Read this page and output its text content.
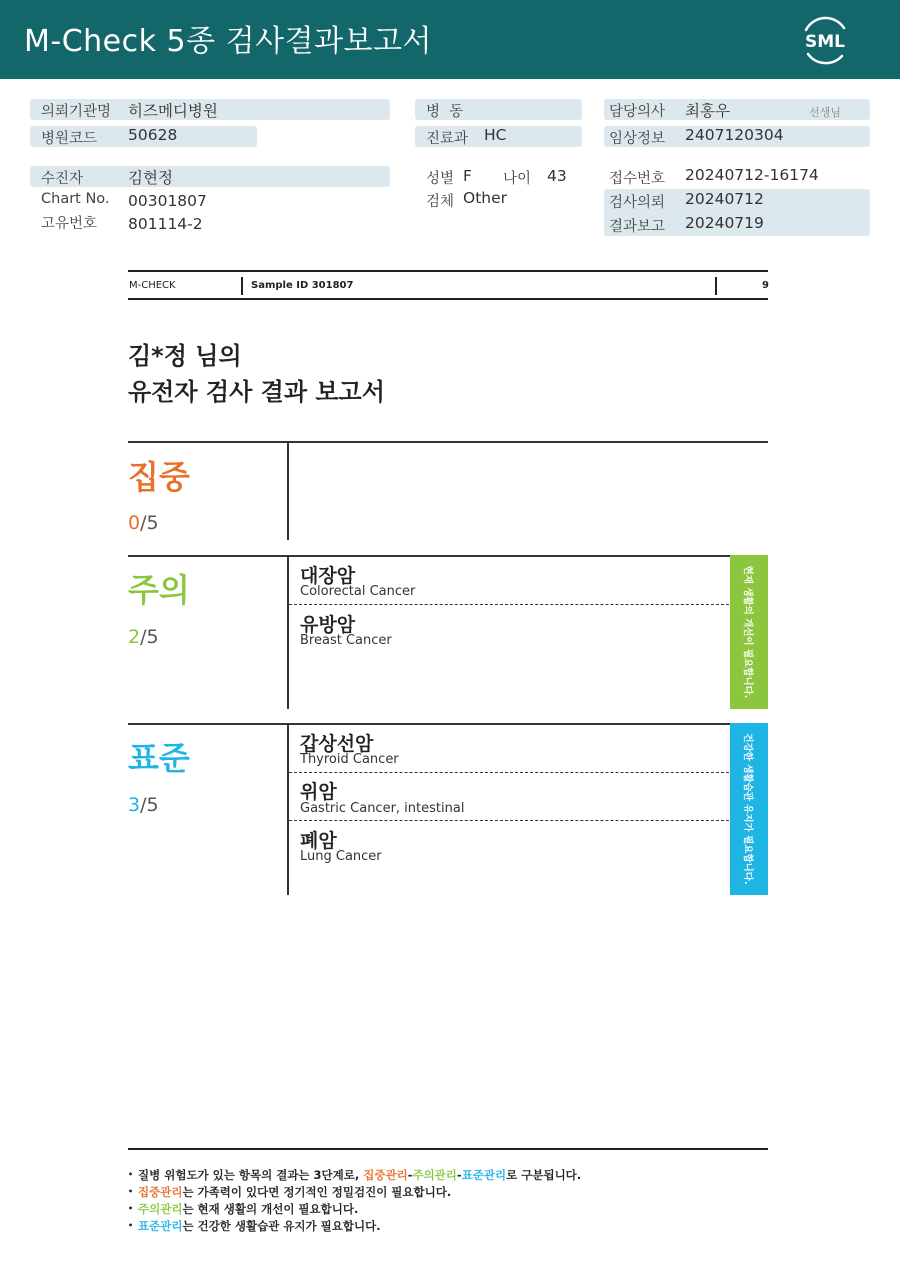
M-Check 5종 검사결과보고서	SML
의뢰기관명 히즈메디병원
병원코드 50628
수진자	김현정
Chart No. 00301807
고유번호 801114-2
병  동
진료과 HC
성별 F 나이 43
검체 Other
담당의사 최홍우	선생님
임상정보 2407120304
접수번호 20240712-16174
검사의뢰 20240712
결과보고 20240719
M-CHECK	Sample ID 301807	9
김*정 님의
유전자 검사 결과 보고서
집중
0/5
주의
2/5
대장암
Colorectal Cancer
유방암
Breast Cancer	현재 생활의 개선이 필요합니다.
표준
3/5
갑상선암
Thyroid Cancer
위암
Gastric Cancer, intestinal
폐암
Lung Cancer	건강한 생활습관 유지가 필요합니다.
• 질병 위험도가 있는 항목의 결과는 3단계로, 집중관리-주의관리-표준관리로 구분됩니다.
• 집중관리는 가족력이 있다면 정기적인 정밀검진이 필요합니다.
• 주의관리는 현재 생활의 개선이 필요합니다.
• 표준관리는 건강한 생활습관 유지가 필요합니다.
